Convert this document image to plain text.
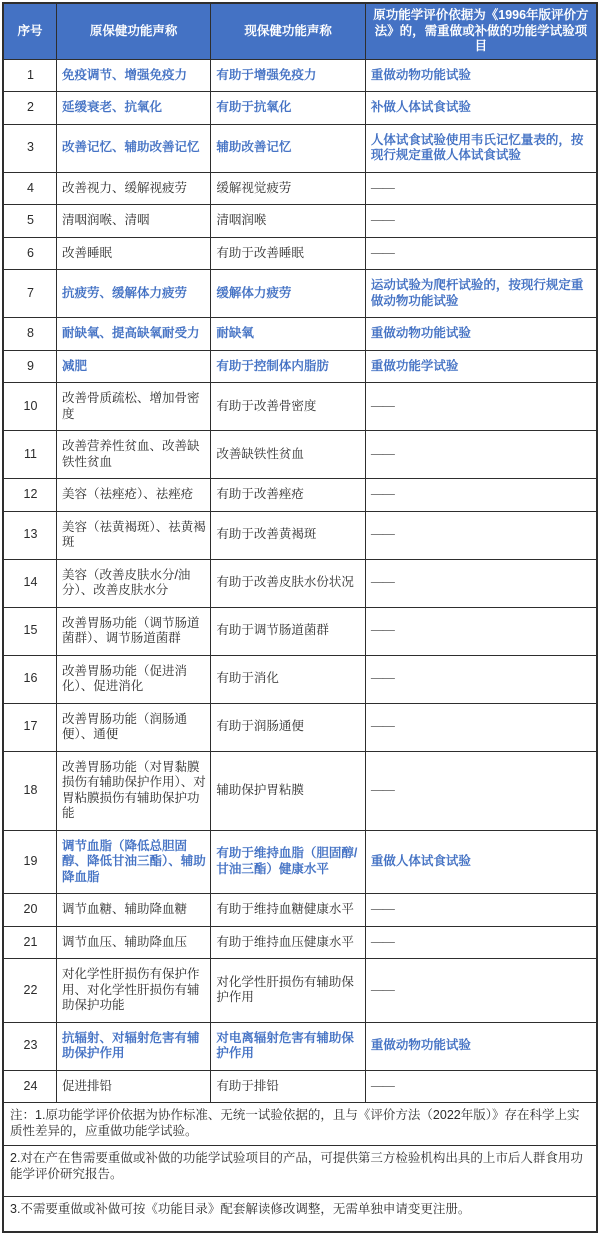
序号	原保健功能声称	现保健功能声称	原功能学评价依据为《1996年版评价方法》的，需重做或补做的功能学试验项目
1	免疫调节、增强免疫力	有助于增强免疫力	重做动物功能试验
2	延缓衰老、抗氧化	有助于抗氧化	补做人体试食试验
3	改善记忆、辅助改善记忆	辅助改善记忆	人体试食试验使用韦氏记忆量表的，按现行规定重做人体试食试验
4	改善视力、缓解视疲劳	缓解视觉疲劳	——
5	清咽润喉、清咽	清咽润喉	——
6	改善睡眠	有助于改善睡眠	——
7	抗疲劳、缓解体力疲劳	缓解体力疲劳	运动试验为爬杆试验的，按现行规定重做动物功能试验
8	耐缺氧、提高缺氧耐受力	耐缺氧	重做动物功能试验
9	减肥	有助于控制体内脂肪	重做功能学试验
10	改善骨质疏松、增加骨密度	有助于改善骨密度	——
11	改善营养性贫血、改善缺铁性贫血	改善缺铁性贫血	——
12	美容（祛痤疮）、祛痤疮	有助于改善痤疮	——
13	美容（祛黄褐斑）、祛黄褐斑	有助于改善黄褐斑	——
14	美容（改善皮肤水分/油分）、改善皮肤水分	有助于改善皮肤水份状况	——
15	改善胃肠功能（调节肠道菌群）、调节肠道菌群	有助于调节肠道菌群	——
16	改善胃肠功能（促进消化）、促进消化	有助于消化	——
17	改善胃肠功能（润肠通便）、通便	有助于润肠通便	——
18	改善胃肠功能（对胃黏膜损伤有辅助保护作用）、对胃粘膜损伤有辅助保护功能	辅助保护胃粘膜	——
19	调节血脂（降低总胆固醇、降低甘油三酯）、辅助降血脂	有助于维持血脂（胆固醇/甘油三酯）健康水平	重做人体试食试验
20	调节血糖、辅助降血糖	有助于维持血糖健康水平	——
21	调节血压、辅助降血压	有助于维持血压健康水平	——
22	对化学性肝损伤有保护作用、对化学性肝损伤有辅助保护功能	对化学性肝损伤有辅助保护作用	——
23	抗辐射、对辐射危害有辅助保护作用	对电离辐射危害有辅助保护作用	重做动物功能试验
24	促进排铅	有助于排铅	——
注：1.原功能学评价依据为协作标准、无统一试验依据的，且与《评价方法（2022年版）》存在科学上实质性差异的，应重做功能学试验。			
2.对在产在售需要重做或补做的功能学试验项目的产品，可提供第三方检验机构出具的上市后人群食用功能学评价研究报告。			
3.不需要重做或补做可按《功能目录》配套解读修改调整，无需单独申请变更注册。			
